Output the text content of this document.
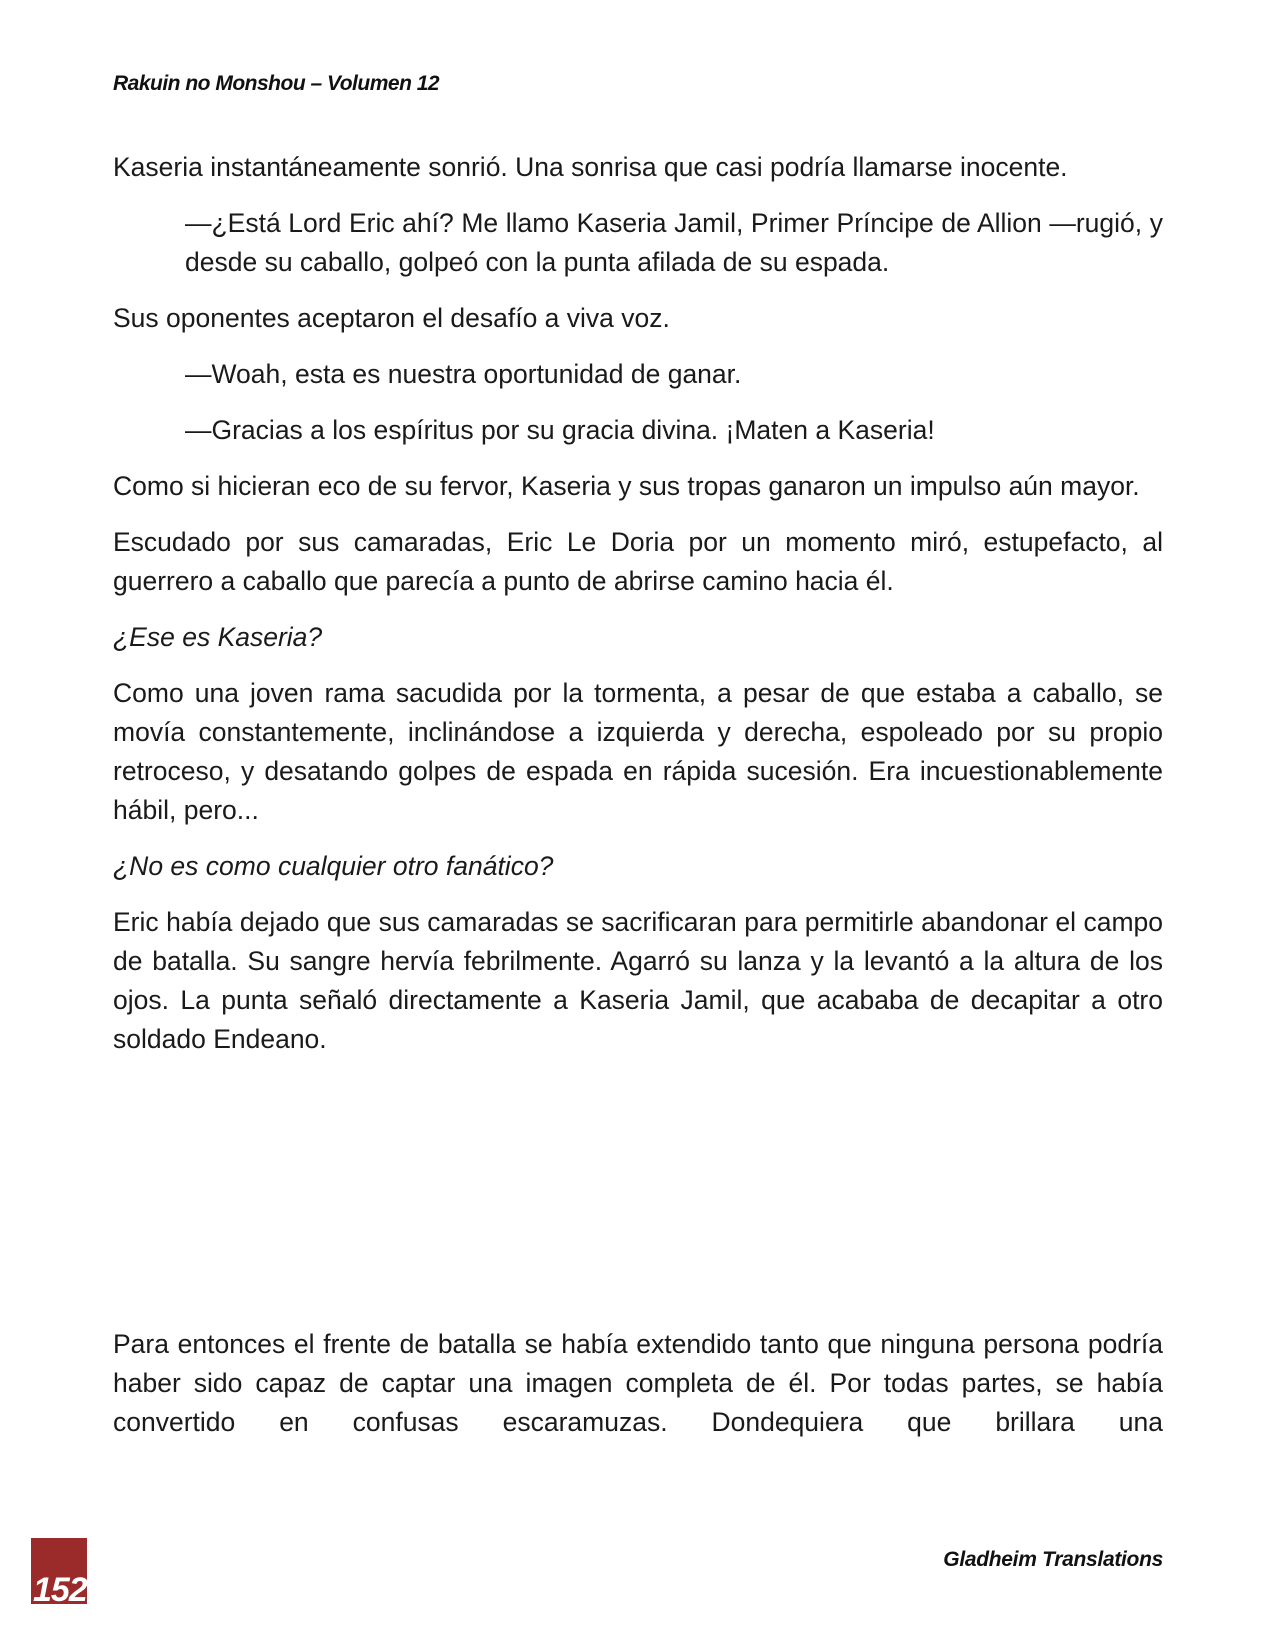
Rakuin no Monshou – Volumen 12

Kaseria instantáneamente sonrió. Una sonrisa que casi podría llamarse inocente.

—¿Está Lord Eric ahí? Me llamo Kaseria Jamil, Primer Príncipe de Allion —rugió, y desde su caballo, golpeó con la punta afilada de su espada.

Sus oponentes aceptaron el desafío a viva voz.

—Woah, esta es nuestra oportunidad de ganar.

—Gracias a los espíritus por su gracia divina. ¡Maten a Kaseria!

Como si hicieran eco de su fervor, Kaseria y sus tropas ganaron un impulso aún mayor.

Escudado por sus camaradas, Eric Le Doria por un momento miró, estupefacto, al guerrero a caballo que parecía a punto de abrirse camino hacia él.

¿Ese es Kaseria?

Como una joven rama sacudida por la tormenta, a pesar de que estaba a caballo, se movía constantemente, inclinándose a izquierda y derecha, espoleado por su propio retroceso, y desatando golpes de espada en rápida sucesión. Era incuestionablemente hábil, pero...

¿No es como cualquier otro fanático?

Eric había dejado que sus camaradas se sacrificaran para permitirle abandonar el campo de batalla. Su sangre hervía febrilmente. Agarró su lanza y la levantó a la altura de los ojos. La punta señaló directamente a Kaseria Jamil, que acababa de decapitar a otro soldado Endeano.

Para entonces el frente de batalla se había extendido tanto que ninguna persona podría haber sido capaz de captar una imagen completa de él. Por todas partes, se había convertido en confusas escaramuzas. Dondequiera que brillara una

152
Gladheim Translations
